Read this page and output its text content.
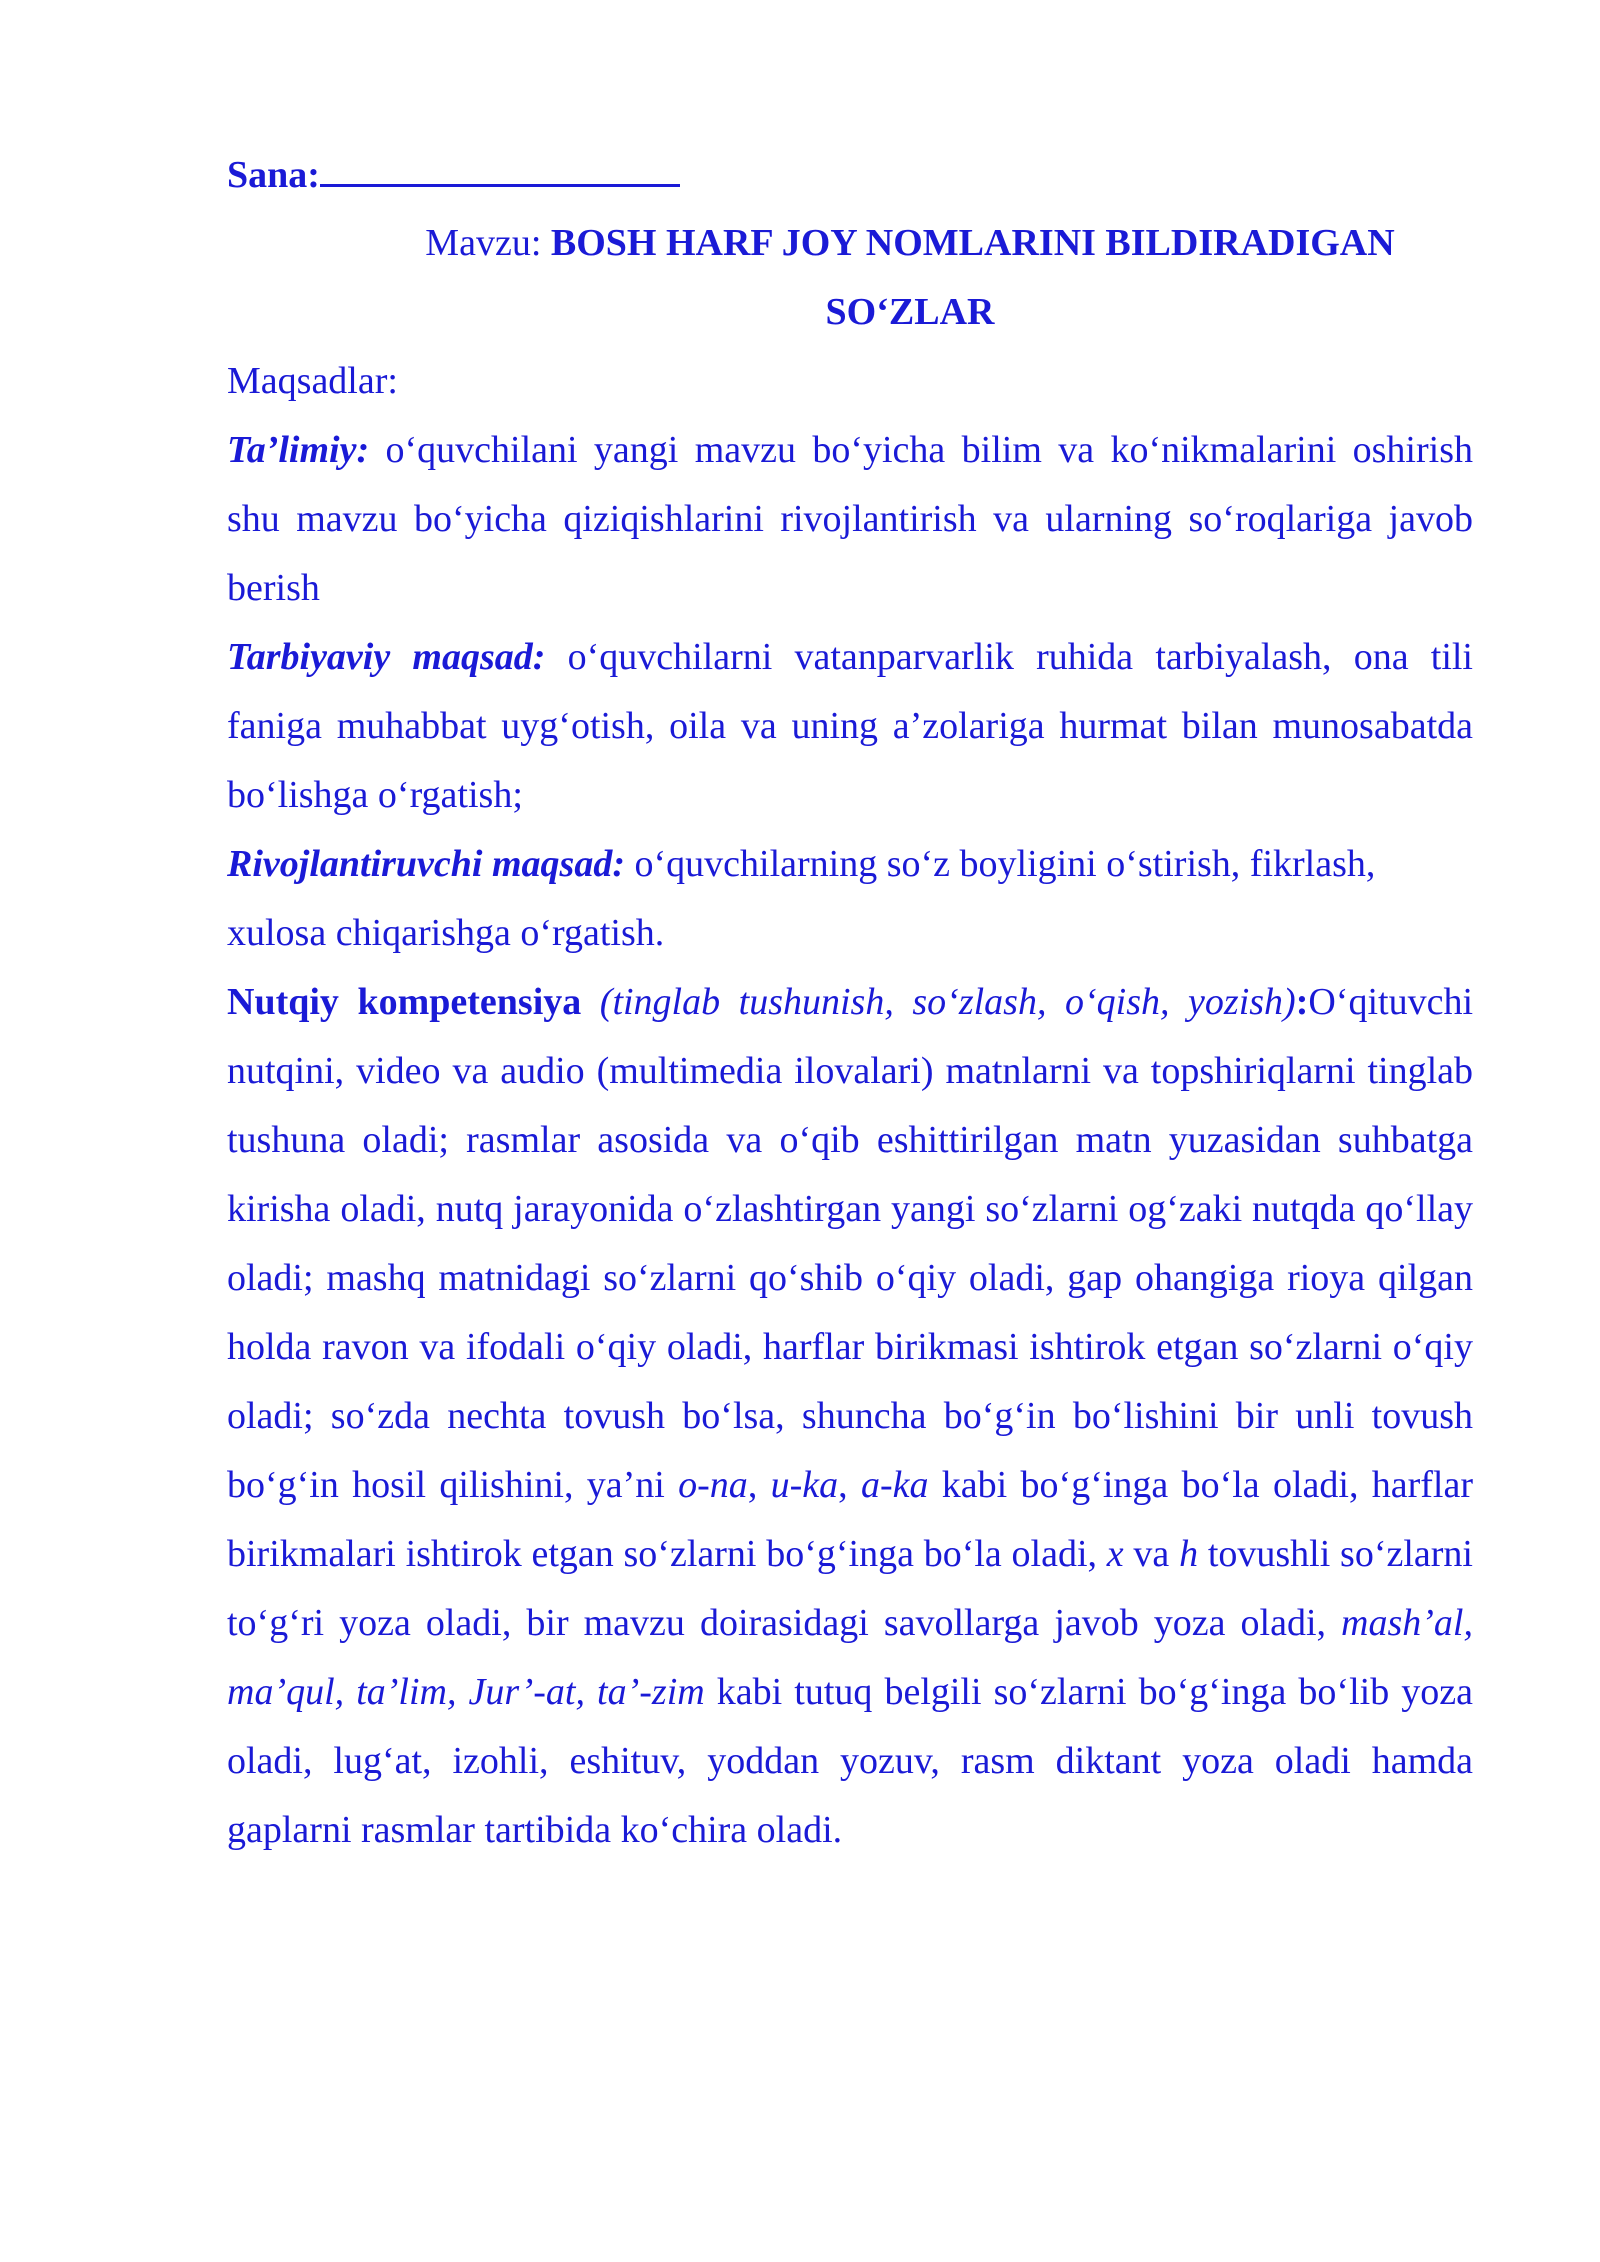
Sana:
Mavzu: BOSH HARF JOY NOMLARINI BILDIRADIGAN SO‘ZLAR

Maqsadlar:

Ta’limiy: o‘quvchilani yangi mavzu bo‘yicha bilim va ko‘nikmalarini oshirish shu mavzu bo‘yicha qiziqishlarini rivojlantirish va ularning so‘roqlariga javob berish

Tarbiyaviy maqsad: o‘quvchilarni vatanparvarlik ruhida tarbiyalash, ona tili faniga muhabbat uyg‘otish, oila va uning a’zolariga hurmat bilan munosabatda bo‘lishga o‘rgatish;

Rivojlantiruvchi maqsad: o‘quvchilarning so‘z boyligini o‘stirish, fikrlash, xulosa chiqarishga o‘rgatish.

Nutqiy kompetensiya (tinglab tushunish, so‘zlash, o‘qish, yozish):O‘qituvchi nutqini, video va audio (multimedia ilovalari) matnlarni va topshiriqlarni tinglab tushuna oladi; rasmlar asosida va o‘qib eshittirilgan matn yuzasidan suhbatga kirisha oladi, nutq jarayonida o‘zlashtirgan yangi so‘zlarni og‘zaki nutqda qo‘llay oladi; mashq matnidagi so‘zlarni qo‘shib o‘qiy oladi, gap ohangiga rioya qilgan holda ravon va ifodali o‘qiy oladi, harflar birikmasi ishtirok etgan so‘zlarni o‘qiy oladi; so‘zda nechta tovush bo‘lsa, shuncha bo‘g‘in bo‘lishini bir unli tovush bo‘g‘in hosil qilishini, ya’ni o-na, u-ka, a-ka kabi bo‘g‘inga bo‘la oladi, harflar birikmalari ishtirok etgan so‘zlarni bo‘g‘inga bo‘la oladi, x va h tovushli so‘zlarni to‘g‘ri yoza oladi, bir mavzu doirasidagi savollarga javob yoza oladi, mash’al, ma’qul, ta’lim, Jur’-at, ta’-zim kabi tutuq belgili so‘zlarni bo‘g‘inga bo‘lib yoza oladi, lug‘at, izohli, eshituv, yoddan yozuv, rasm diktant yoza oladi hamda gaplarni rasmlar tartibida ko‘chira oladi.
